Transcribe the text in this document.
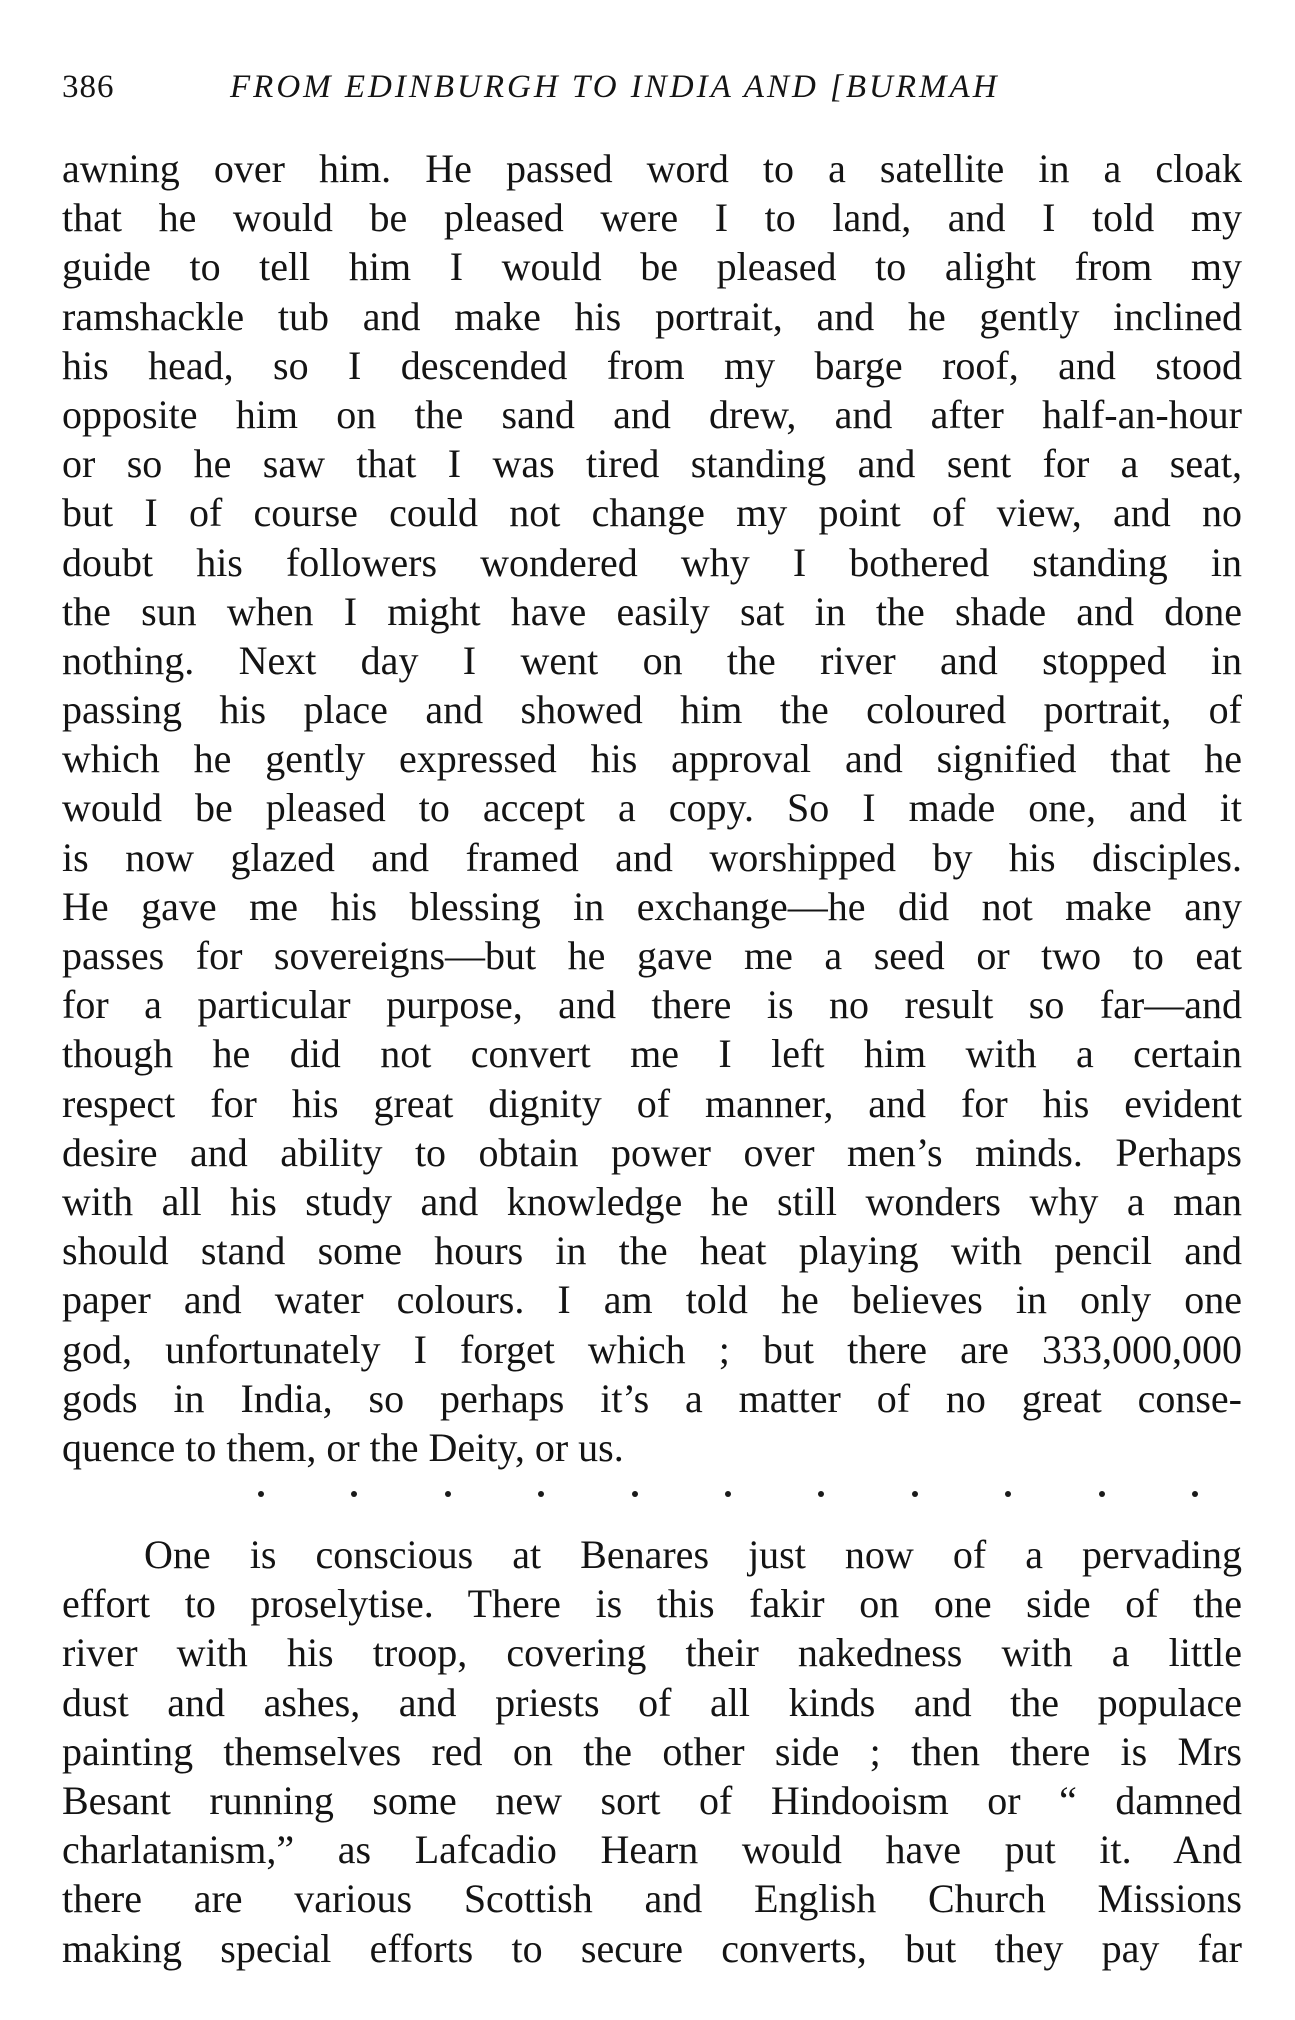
386	FROM EDINBURGH TO INDIA AND [BURMAH
awning over him. He passed word to a satellite in a cloak
that he would be pleased were I to land, and I told my
guide to tell him I would be pleased to alight from my
ramshackle tub and make his portrait, and he gently inclined
his head, so I descended from my barge roof, and stood
opposite him on the sand and drew, and after half-an-hour
or so he saw that I was tired standing and sent for a seat,
but I of course could not change my point of view, and no
doubt his followers wondered why I bothered standing in
the sun when I might have easily sat in the shade and done
nothing. Next day I went on the river and stopped in
passing his place and showed him the coloured portrait, of
which he gently expressed his approval and signified that he
would be pleased to accept a copy. So I made one, and it
is now glazed and framed and worshipped by his disciples.
He gave me his blessing in exchange—he did not make any
passes for sovereigns—but he gave me a seed or two to eat
for a particular purpose, and there is no result so far—and
though he did not convert me I left him with a certain
respect for his great dignity of manner, and for his evident
desire and ability to obtain power over men’s minds. Perhaps
with all his study and knowledge he still wonders why a man
should stand some hours in the heat playing with pencil and
paper and water colours. I am told he believes in only one
god, unfortunately I forget which ; but there are 333,000,000
gods in India, so perhaps it’s a matter of no great conse-
quence to them, or the Deity, or us.
One is conscious at Benares just now of a pervading
effort to proselytise. There is this fakir on one side of the
river with his troop, covering their nakedness with a little
dust and ashes, and priests of all kinds and the populace
painting themselves red on the other side ; then there is Mrs
Besant running some new sort of Hindooism or “ damned
charlatanism,” as Lafcadio Hearn would have put it. And
there are various Scottish and English Church Missions
making special efforts to secure converts, but they pay far
